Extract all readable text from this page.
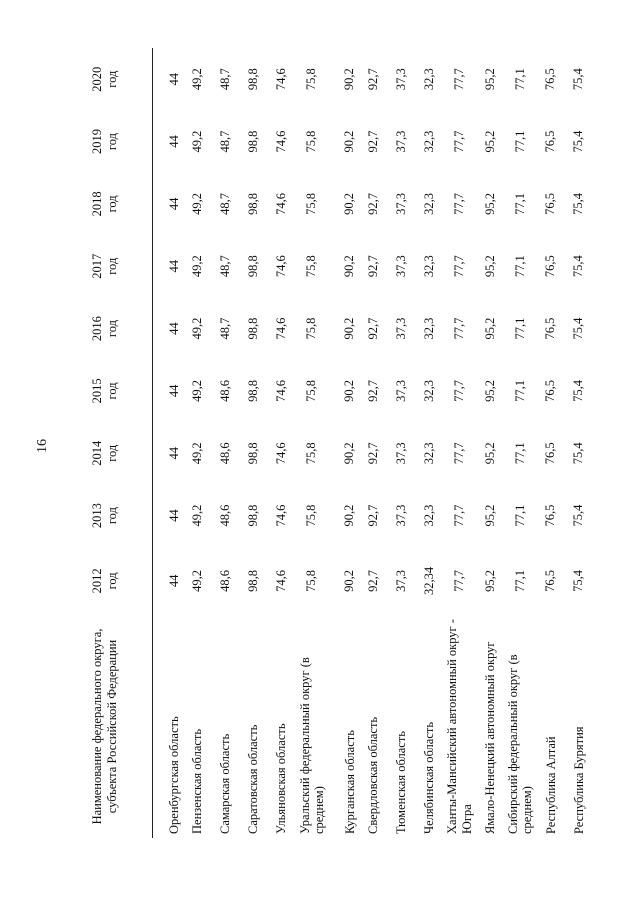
16
Наименование федерального округа, субъекта Российской Федерации	2012 год	2013 год	2014 год	2015 год	2016 год	2017 год	2018 год	2019 год	2020 год

Оренбургская область	44	44	44	44	44	44	44	44	44
Пензенская область	49,2	49,2	49,2	49,2	49,2	49,2	49,2	49,2	49,2
Самарская область	48,6	48,6	48,6	48,6	48,7	48,7	48,7	48,7	48,7
Саратовская область	98,8	98,8	98,8	98,8	98,8	98,8	98,8	98,8	98,8
Ульяновская область	74,6	74,6	74,6	74,6	74,6	74,6	74,6	74,6	74,6
Уральский федеральный округ (в среднем)	75,8	75,8	75,8	75,8	75,8	75,8	75,8	75,8	75,8
Курганская область	90,2	90,2	90,2	90,2	90,2	90,2	90,2	90,2	90,2
Свердловская область	92,7	92,7	92,7	92,7	92,7	92,7	92,7	92,7	92,7
Тюменская область	37,3	37,3	37,3	37,3	37,3	37,3	37,3	37,3	37,3
Челябинская область	32,34	32,3	32,3	32,3	32,3	32,3	32,3	32,3	32,3
Ханты-Мансийский автономный округ - Югра	77,7	77,7	77,7	77,7	77,7	77,7	77,7	77,7	77,7
Ямало-Ненецкий автономный округ	95,2	95,2	95,2	95,2	95,2	95,2	95,2	95,2	95,2
Сибирский федеральный округ (в среднем)	77,1	77,1	77,1	77,1	77,1	77,1	77,1	77,1	77,1
Республика Алтай	76,5	76,5	76,5	76,5	76,5	76,5	76,5	76,5	76,5
Республика Бурятия	75,4	75,4	75,4	75,4	75,4	75,4	75,4	75,4	75,4
